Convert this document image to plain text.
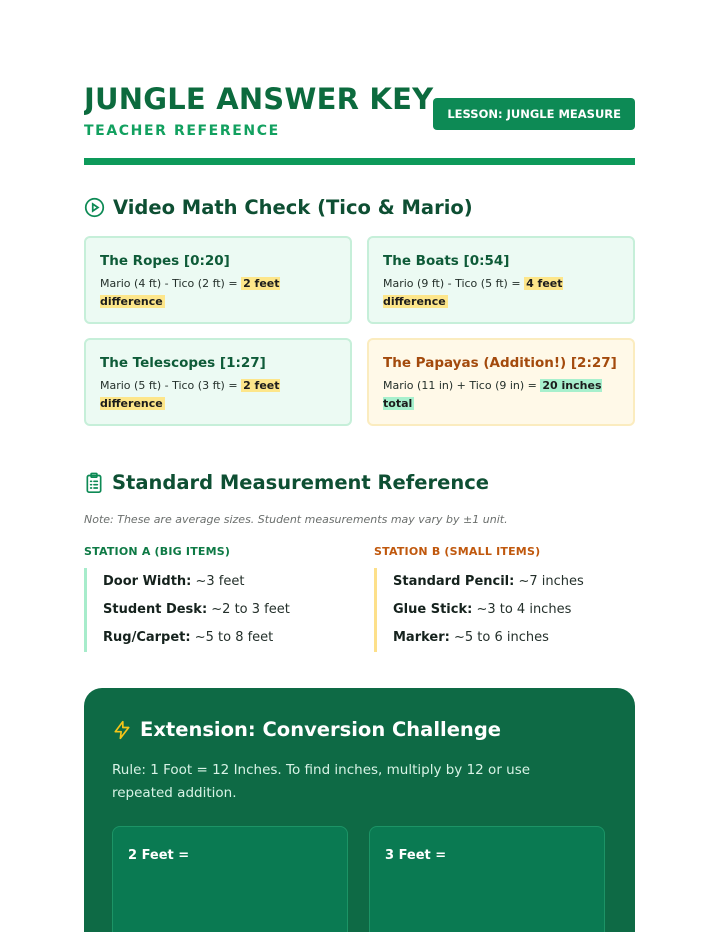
JUNGLE ANSWER KEY
TEACHER REFERENCE
LESSON: JUNGLE MEASURE
Video Math Check (Tico & Mario)
The Ropes [0:20]
Mario (4 ft) - Tico (2 ft) = 2 feet
difference
The Boats [0:54]
Mario (9 ft) - Tico (5 ft) = 4 feet
difference
The Telescopes [1:27]
Mario (5 ft) - Tico (3 ft) = 2 feet
difference
The Papayas (Addition!) [2:27]
Mario (11 in) + Tico (9 in) = 20 inches
total
Standard Measurement Reference
Note: These are average sizes. Student measurements may vary by ±1 unit.
STATION A (BIG ITEMS)
Door Width: ~3 feet
Student Desk: ~2 to 3 feet
Rug/Carpet: ~5 to 8 feet
STATION B (SMALL ITEMS)
Standard Pencil: ~7 inches
Glue Stick: ~3 to 4 inches
Marker: ~5 to 6 inches
Extension: Conversion Challenge

Rule: 1 Foot = 12 Inches. To find inches, multiply by 12 or use repeated addition.

2 Feet =	3 Feet =
